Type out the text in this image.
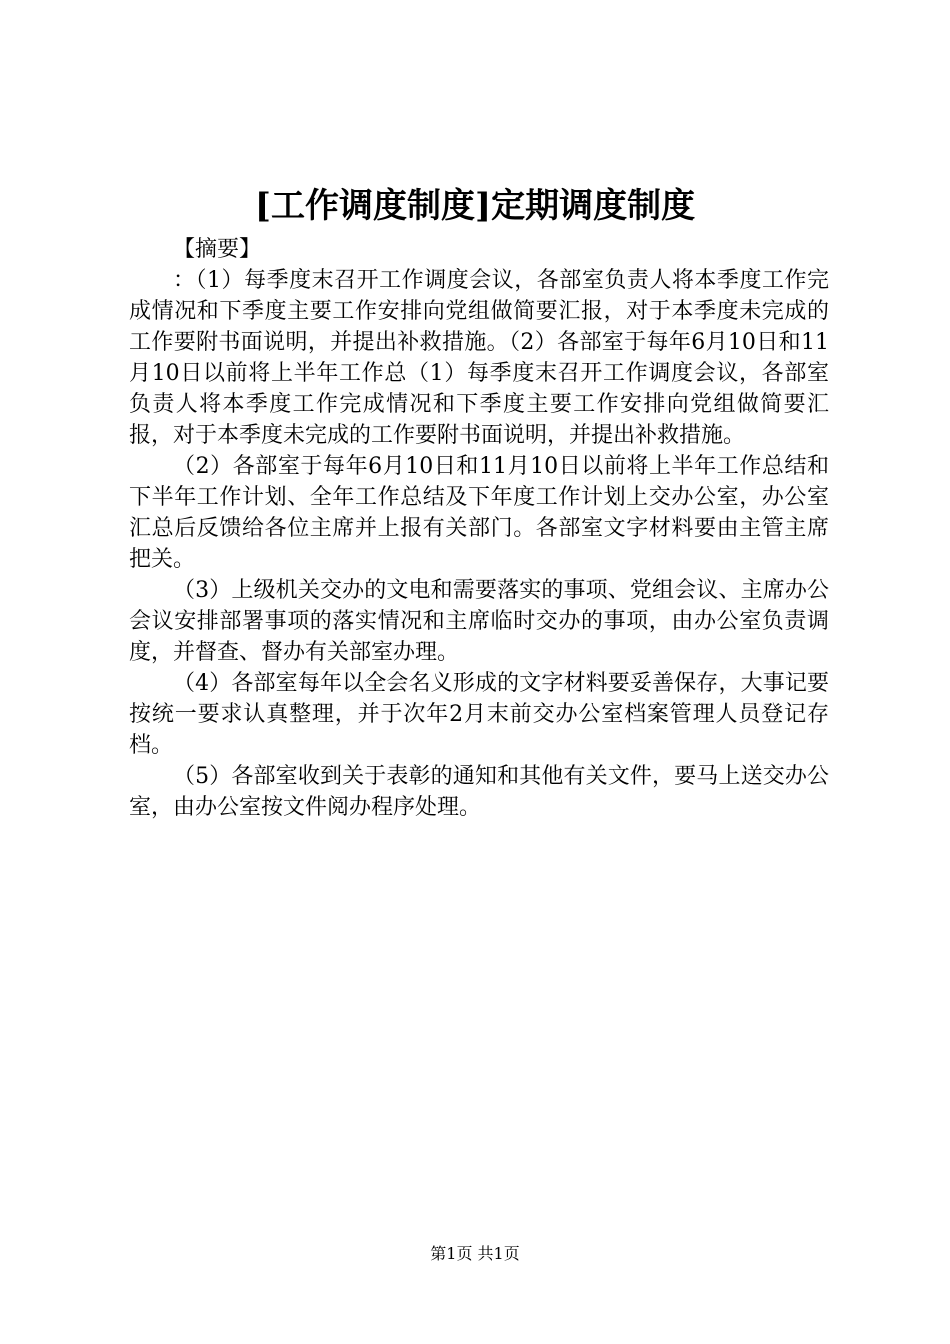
[工作调度制度]定期调度制度

【摘要】

：（1）每季度末召开工作调度会议，各部室负责人将本季度工作完成情况和下季度主要工作安排向党组做简要汇报，对于本季度未完成的工作要附书面说明，并提出补救措施。（2）各部室于每年6月10日和11月10日以前将上半年工作总（1）每季度末召开工作调度会议，各部室负责人将本季度工作完成情况和下季度主要工作安排向党组做简要汇报，对于本季度未完成的工作要附书面说明，并提出补救措施。

（2）各部室于每年6月10日和11月10日以前将上半年工作总结和下半年工作计划、全年工作总结及下年度工作计划上交办公室，办公室汇总后反馈给各位主席并上报有关部门。各部室文字材料要由主管主席把关。

（3）上级机关交办的文电和需要落实的事项、党组会议、主席办公会议安排部署事项的落实情况和主席临时交办的事项，由办公室负责调度，并督查、督办有关部室办理。

（4）各部室每年以全会名义形成的文字材料要妥善保存，大事记要按统一要求认真整理，并于次年2月末前交办公室档案管理人员登记存档。

（5）各部室收到关于表彰的通知和其他有关文件，要马上送交办公室，由办公室按文件阅办程序处理。

第1页 共1页
